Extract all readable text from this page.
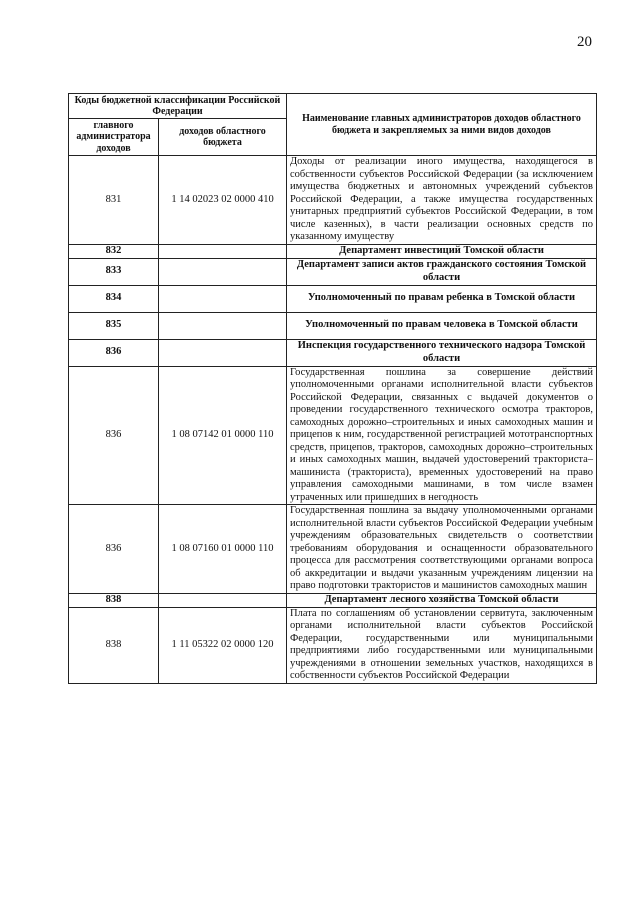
20
Коды бюджетной классификации Российской Федерации		Наименование главных администраторов доходов областного бюджета и закрепляемых за ними видов доходов
главного администратора доходов	доходов областного бюджета	
831	1 14 02023 02 0000 410	Доходы от реализации иного имущества, находящегося в собственности субъектов Российской Федерации (за исключением имущества бюджетных и автономных учреждений субъектов Российской Федерации, а также имущества государственных унитарных предприятий субъектов Российской Федерации, в том числе казенных), в части реализации основных средств по указанному имуществу
832		Департамент инвестиций Томской области
833		Департамент записи актов гражданского состояния Томской области
834		Уполномоченный по правам ребенка в Томской области
835		Уполномоченный по правам человека в Томской области
836		Инспекция государственного технического надзора Томской области
836	1 08 07142 01 0000 110	Государственная пошлина за совершение действий уполномоченными органами исполнительной власти субъектов Российской Федерации, связанных с выдачей документов о проведении государственного технического осмотра тракторов, самоходных дорожно–строительных и иных самоходных машин и прицепов к ним, государственной регистрацией мототранспортных средств, прицепов, тракторов, самоходных дорожно–строительных и иных самоходных машин, выдачей удостоверений тракториста–машиниста (тракториста), временных удостоверений на право управления самоходными машинами, в том числе взамен утраченных или пришедших в негодность
836	1 08 07160 01 0000 110	Государственная пошлина за выдачу уполномоченными органами исполнительной власти субъектов Российской Федерации учебным учреждениям образовательных свидетельств о соответствии требованиям оборудования и оснащенности образовательного процесса для рассмотрения соответствующими органами вопроса об аккредитации и выдачи указанным учреждениям лицензии на право подготовки трактористов и машинистов самоходных машин
838		Департамент лесного хозяйства Томской области
838	1 11 05322 02 0000 120	Плата по соглашениям об установлении сервитута, заключенным органами исполнительной власти субъектов Российской Федерации, государственными или муниципальными предприятиями либо государственными или муниципальными учреждениями в отношении земельных участков, находящихся в собственности субъектов Российской Федерации
